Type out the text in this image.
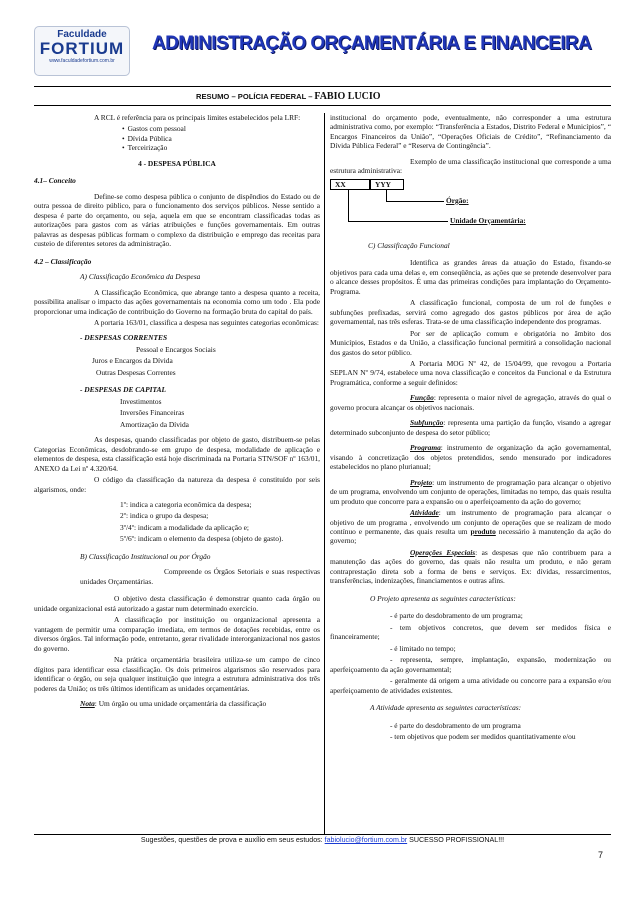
Faculdade
FORTIUM
www.faculdadefortium.com.br
ADMINISTRAÇÃO ORÇAMENTÁRIA E FINANCEIRA
RESUMO – POLÍCIA FEDERAL – FABIO LUCIO

A RCL é referência para os principais limites estabelecidos pela LRF:

• Gastos com pessoal
• Dívida Pública
• Terceirização

4 - DESPESA PÚBLICA

4.1– Conceito

Define-se como despesa pública o conjunto de dispêndios do Estado ou de outra pessoa de direito público, para o funcionamento dos serviços públicos. Nesse sentido a despesa é parte do orçamento, ou seja, aquela em que se encontram classificadas todas as autorizações para gastos com as várias atribuições e funções governamentais. Em outras palavras as despesas públicas formam o complexo da distribuição e emprego das receitas para custeio de diferentes setores da administração.

4.2 – Classificação

A) Classificação Econômica da Despesa

A Classificação Econômica, que abrange tanto a despesa quanto a receita, possibilita analisar o impacto das ações governamentais na economia como um todo . Ela pode proporcionar uma indicação de contribuição do Governo na formação bruta do capital do país.

A portaria 163/01, classifica a despesa nas seguintes categorias econômicas:

- DESPESAS CORRENTES

Pessoal e Encargos Sociais

Juros e Encargos da Dívida

Outras Despesas Correntes

- DESPESAS DE CAPITAL

Investimentos

Inversões Financeiras

Amortização da Dívida

As despesas, quando classificadas por objeto de gasto, distribuem-se pelas Categorias Econômicas, desdobrando-se em grupo de despesa, modalidade de aplicação e elementos de despesa, esta classificação está hoje discriminada na Portaria STN/SOF nº 163/01, ANEXO da Lei nº 4.320/64.

O código da classificação da natureza da despesa é constituído por seis algarismos, onde:

1º: indica a categoria econômica da despesa;

2º: indica o grupo da despesa;

3º/4º: indicam a modalidade da aplicação e;

5º/6º: indicam o elemento da despesa (objeto de gasto).

B) Classificação Institucional ou por Órgão

Compreende os Órgãos Setoriais e suas respectivas unidades Orçamentárias.

O objetivo desta classificação é demonstrar quanto cada órgão ou unidade organizacional está autorizado a gastar num determinado exercício.

A classificação por instituição ou organizacional apresenta a vantagem de permitir uma comparação imediata, em termos de dotações recebidas, entre os diversos órgãos. Tal informação pode, entretanto, gerar rivalidade interorganizacional nos gastos do governo.

Na prática orçamentária brasileira utiliza-se um campo de cinco dígitos para identificar essa classificação. Os dois primeiros algarismos são reservados para identificar o órgão, ou seja qualquer instituição que integra a estrutura administrativa dos três poderes da União; os três últimos identificam as unidades orçamentárias.

Nota: Um órgão ou uma unidade orçamentária da classificação

institucional do orçamento pode, eventualmente, não corresponder a uma estrutura administrativa como, por exemplo: “Transferência a Estados, Distrito Federal e Municípios”, “ Encargos Financeiros da União”, “Operações Oficiais de Crédito”, “Refinanciamento da Dívida Pública Federal” e “Reserva de Contingência”.

Exemplo de uma classificação institucional que corresponde a uma estrutura administrativa:

XX	YYY
Órgão:
Unidade Orçamentária:

C) Classificação Funcional

Identifica as grandes áreas da atuação do Estado, fixando-se objetivos para cada uma delas e, em conseqüência, as ações que se pretende desenvolver para o alcance desses propósitos. É uma das primeiras condições para implantação do Orçamento-Programa.

A classificação funcional, composta de um rol de funções e subfunções prefixadas, servirá como agregado dos gastos públicos por área de ação governamental, nas três esferas. Trata-se de uma classificação independente dos programas.

Por ser de aplicação comum e obrigatória no âmbito dos Municípios, Estados e da União, a classificação funcional permitirá a consolidação nacional dos gastos do setor público.

A Portaria MOG Nº 42, de 15/04/99, que revogou a Portaria SEPLAN Nº 9/74, estabelece uma nova classificação e conceitos da Funcional e da Estrutura Programática, conforme a seguir definidos:

Função: representa o maior nível de agregação, através do qual o governo procura alcançar os objetivos nacionais.

Subfunção: representa uma partição da função, visando a agregar determinado subconjunto de despesa do setor público;

Programa: instrumento de organização da ação governamental, visando à concretização dos objetos pretendidos, sendo mensurado por indicadores estabelecidos no plano plurianual;

Projeto: um instrumento de programação para alcançar o objetivo de um programa, envolvendo um conjunto de operações, limitadas no tempo, das quais resulta um produto que concorre para a expansão ou o aperfeiçoamento da ação do governo;

Atividade: um instrumento de programação para alcançar o objetivo de um programa , envolvendo um conjunto de operações que se realizam de modo contínuo e permanente, das quais resulta um produto necessário à manutenção da ação do governo;

Operações Especiais: as despesas que não contribuem para a manutenção das ações do governo, das quais não resulta um produto, e não geram contraprestação direta sob a forma de bens e serviços. Ex: dívidas, ressarcimentos, transferências, indenizações, financiamentos e outras afins.

O Projeto apresenta as seguintes características:

- é parte do desdobramento de um programa;

- tem objetivos concretos, que devem ser medidos física e financeiramente;

- é limitado no tempo;

- representa, sempre, implantação, expansão, modernização ou aperfeiçoamento da ação governamental;

- geralmente dá origem a uma atividade ou concorre para a expansão e/ou aperfeiçoamento de atividades existentes.

A Atividade apresenta as seguintes características:

- é parte do desdobramento de um programa

- tem objetivos que podem ser medidos quantitativamente e/ou

Sugestões, questões de prova e auxílio em seus estudos: fabiolucio@fortium.com.br SUCESSO PROFISSIONAL!!!
7
